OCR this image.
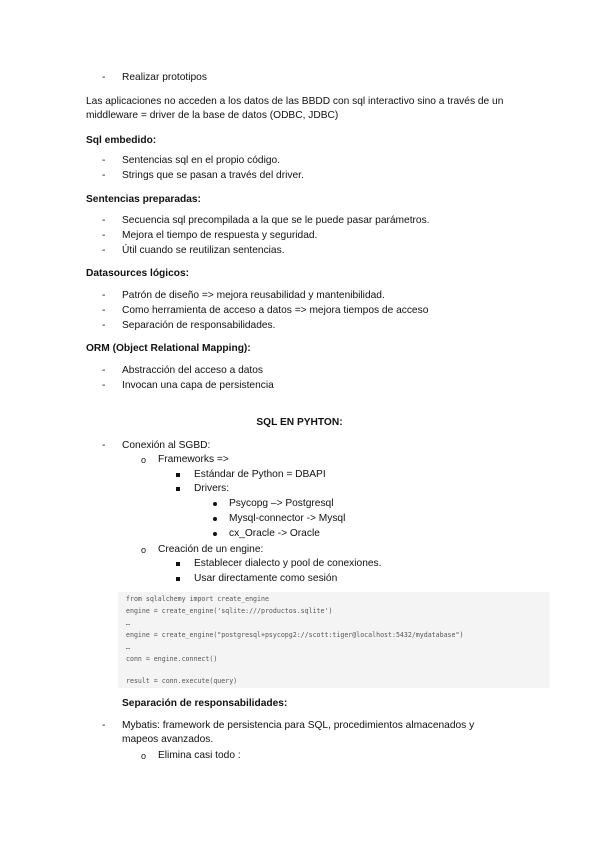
- Realizar prototipos
Las aplicaciones no acceden a los datos de las BBDD con sql interactivo sino a través de un middleware = driver de la base de datos (ODBC, JDBC)
Sql embedido:
- Sentencias sql en el propio código.
- Strings que se pasan a través del driver.
Sentencias preparadas:
- Secuencia sql precompilada a la que se le puede pasar parámetros.
- Mejora el tiempo de respuesta y seguridad.
- Útil cuando se reutilizan sentencias.
Datasources lógicos:
- Patrón de diseño => mejora reusabilidad y mantenibilidad.
- Como herramienta de acceso a datos => mejora tiempos de acceso
- Separación de responsabilidades.
ORM (Object Relational Mapping):
- Abstracción del acceso a datos
- Invocan una capa de persistencia
SQL EN PYHTON:
- Conexión al SGBD:
o Frameworks =>
Estándar de Python = DBAPI
Drivers:
Psycopg –> Postgresql
Mysql-connector -> Mysql
cx_Oracle -> Oracle
o Creación de un engine:
Establecer dialecto y pool de conexiones.
Usar directamente como sesión
from sqlalchemy import create_engine
engine = create_engine('sqlite:///productos.sqlite')
…
engine = create_engine("postgresql+psycopg2://scott:tiger@localhost:5432/mydatabase")
…
conn = engine.connect()
result = conn.execute(query)
Separación de responsabilidades:
- Mybatis: framework de persistencia para SQL, procedimientos almacenados y mapeos avanzados.
o Elimina casi todo :
